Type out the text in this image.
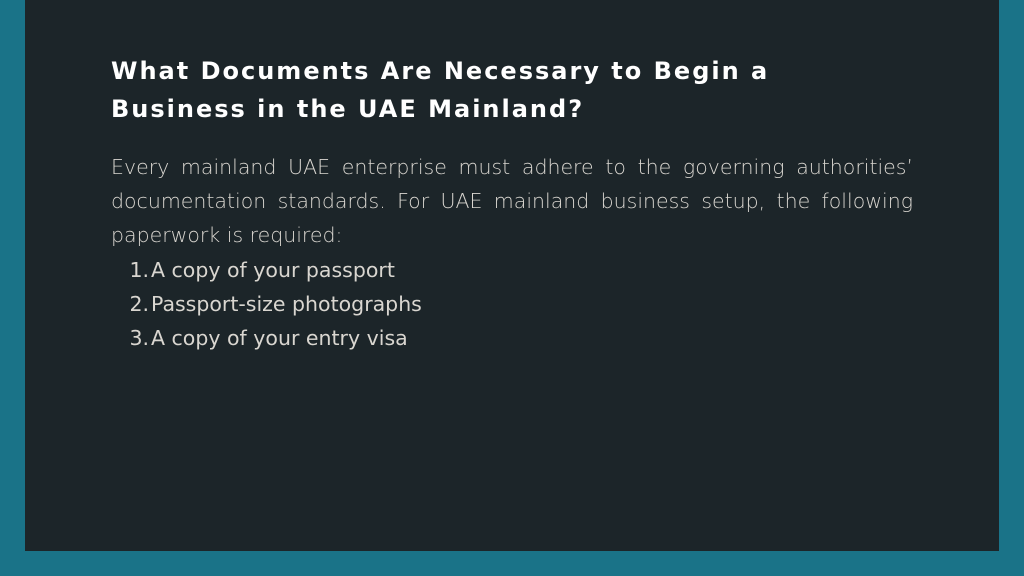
What Documents Are Necessary to Begin a Business in the UAE Mainland?

Every mainland UAE enterprise must adhere to the governing authorities’ documentation standards. For UAE mainland business setup, the following paperwork is required:

1. A copy of your passport
2. Passport-size photographs
3. A copy of your entry visa
